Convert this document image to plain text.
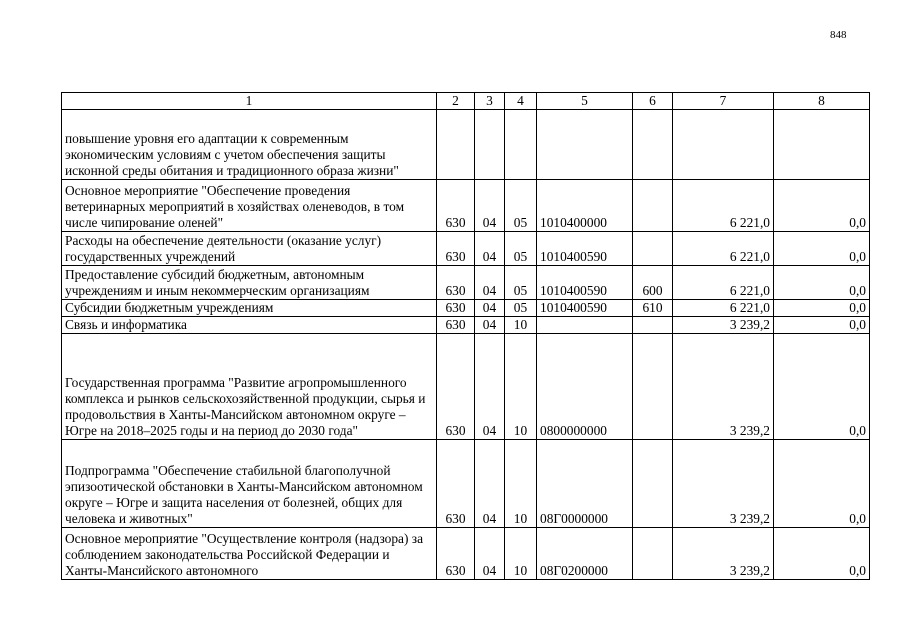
848
1	2	3	4	5	6	7	8
повышение уровня его адаптации к современным экономическим условиям с учетом обеспечения защиты исконной среды обитания и традиционного образа жизни"							
Основное мероприятие "Обеспечение проведения ветеринарных мероприятий в хозяйствах оленеводов, в том числе чипирование оленей"	630	04	05	1010400000		6 221,0	0,0
Расходы на обеспечение деятельности (оказание услуг) государственных учреждений	630	04	05	1010400590		6 221,0	0,0
Предоставление субсидий бюджетным, автономным учреждениям и иным некоммерческим организациям	630	04	05	1010400590	600	6 221,0	0,0
Субсидии бюджетным учреждениям	630	04	05	1010400590	610	6 221,0	0,0
Связь и информатика	630	04	10			3 239,2	0,0
Государственная программа "Развитие агропромышленного комплекса и рынков сельскохозяйственной продукции, сырья и продовольствия в Ханты-Мансийском автономном округе – Югре на 2018–2025 годы и на период до 2030 года"	630	04	10	0800000000		3 239,2	0,0
Подпрограмма "Обеспечение стабильной благополучной эпизоотической обстановки в Ханты-Мансийском автономном округе – Югре и защита населения от болезней, общих для человека и животных"	630	04	10	08Г0000000		3 239,2	0,0
Основное мероприятие "Осуществление контроля (надзора) за соблюдением законодательства Российской Федерации и Ханты-Мансийского автономного	630	04	10	08Г0200000		3 239,2	0,0
